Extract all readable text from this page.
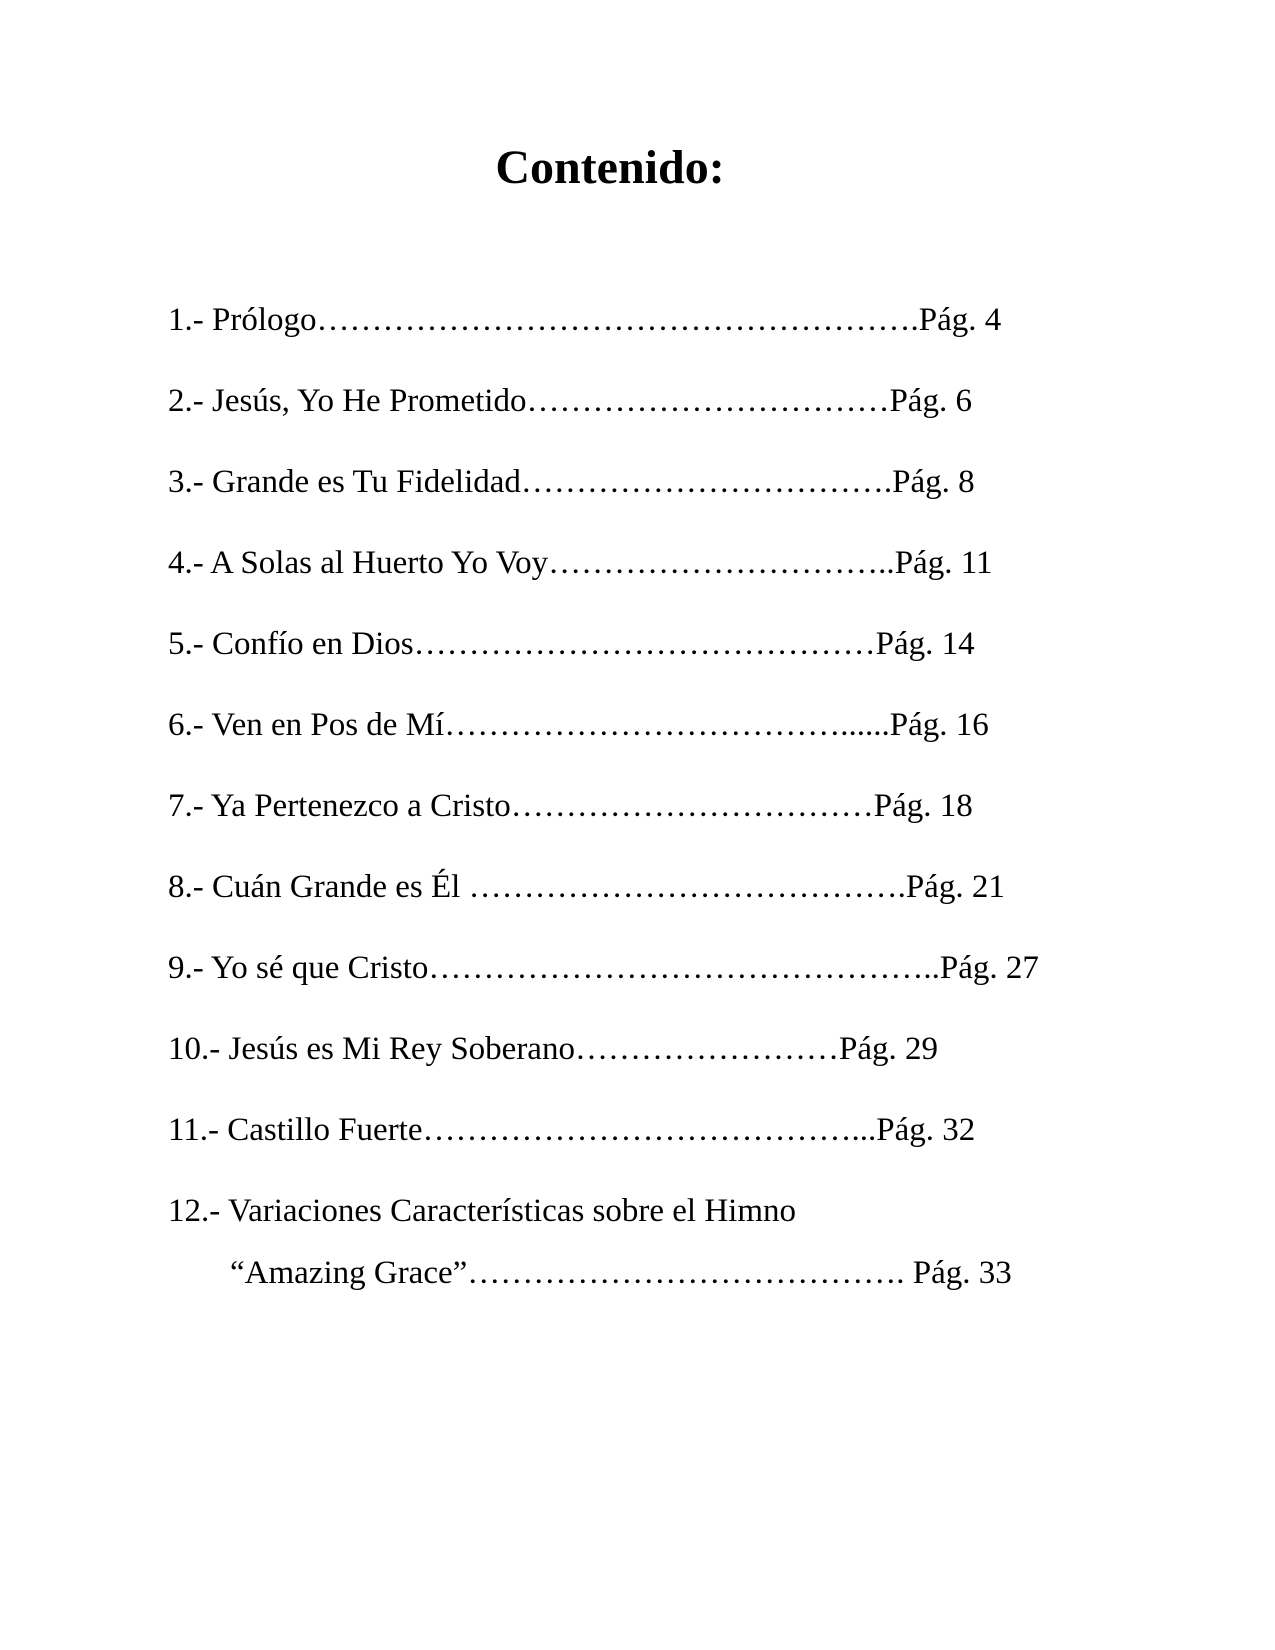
Contenido:
1.- Prólogo……………………………………………….Pág. 4
2.- Jesús, Yo He Prometido……………………………Pág. 6
3.- Grande es Tu Fidelidad…………………………….Pág. 8
4.- A Solas al Huerto Yo Voy…………………………..Pág. 11
5.- Confío en Dios……………………………………Pág. 14
6.- Ven en Pos de Mí………………………………......Pág. 16
7.- Ya Pertenezco a Cristo……………………………Pág. 18
8.- Cuán Grande es Él ………………………………….Pág. 21
9.- Yo sé que Cristo………………………………………..Pág. 27
10.- Jesús es Mi Rey Soberano……………………Pág. 29
11.- Castillo Fuerte…………………………………...Pág. 32
12.- Variaciones Características sobre el Himno
“Amazing Grace”…………………………………. Pág. 33
